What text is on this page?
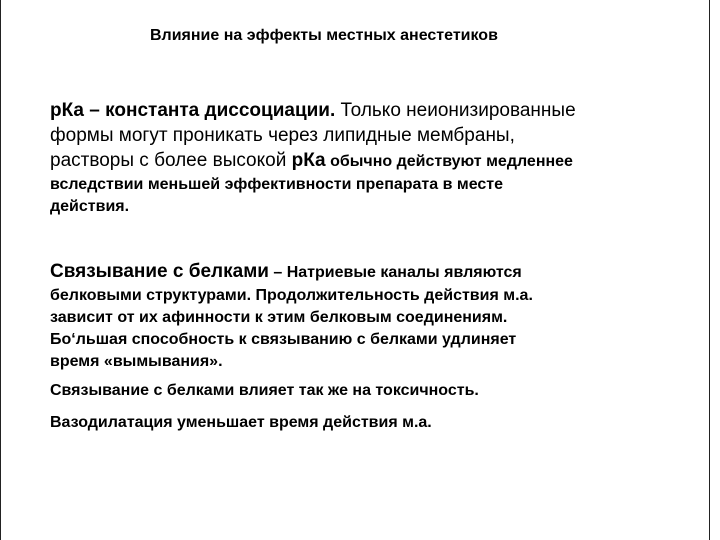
Влияние на эффекты местных анестетиков
рКа – константа диссоциации. Только неионизированные
формы могут проникать через липидные мембраны,
растворы с более высокой рКа обычно действуют медленнее
вследствии меньшей эффективности препарата в месте
действия.
Связывание с белками – Натриевые каналы являются
белковыми структурами. Продолжительность действия м.а.
зависит от их афинности к этим белковым соединениям.
Бо‘льшая способность к связыванию с белками удлиняет
время «вымывания».
Связывание с белками влияет так же на токсичность.
Вазодилатация уменьшает время действия м.а.
